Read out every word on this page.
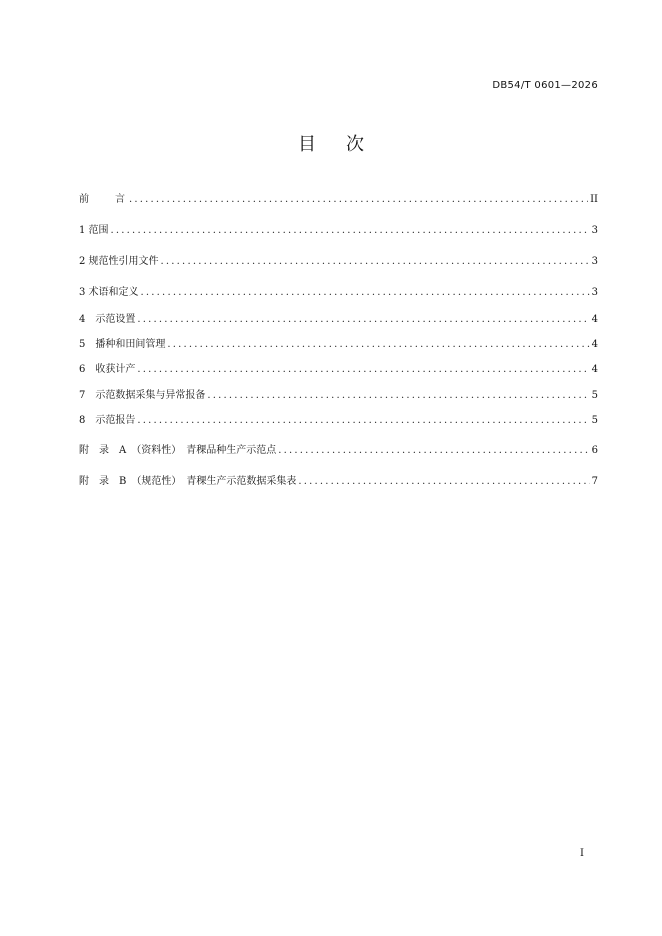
DB54/T 0601—2026
目次
前　　言 .....	II
1 范围 .....	3
2 规范性引用文件 .....	3
3 术语和定义 .....	3
4　示范设置 .....	4
5　播种和田间管理 .....	4
6　收获计产 .....	4
7　示范数据采集与异常报备 .....	5
8　示范报告 .....	5
附　录　A　（资料性）　青稞品种生产示范点 .....	6
附　录　B　（规范性）　青稞生产示范数据采集表 .....	7
I
